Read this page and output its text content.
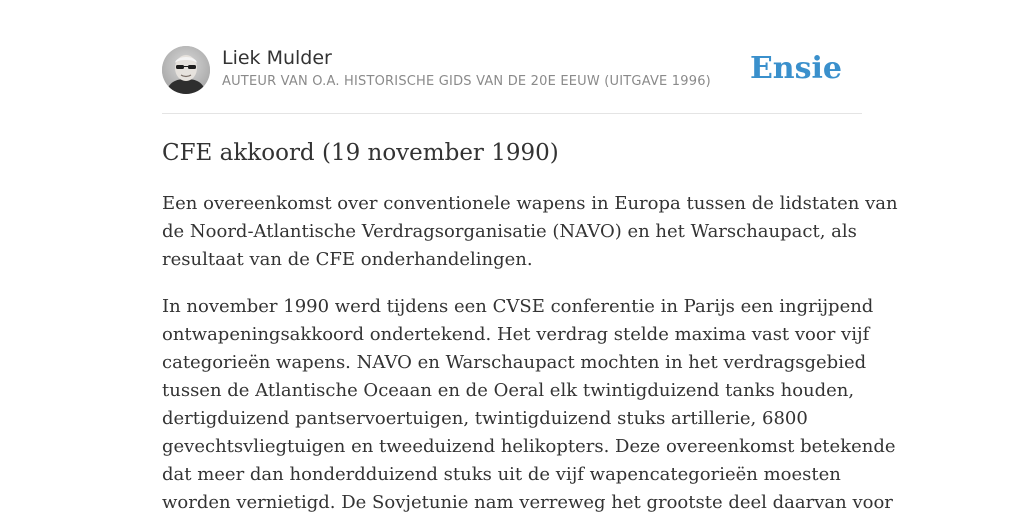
Liek Mulder
AUTEUR VAN O.A. HISTORISCHE GIDS VAN DE 20E EEUW (UITGAVE 1996) Ensie
CFE akkoord (19 november 1990)
Een overeenkomst over conventionele wapens in Europa tussen de lidstaten van
de Noord-Atlantische Verdragsorganisatie (NAVO) en het Warschaupact, als
resultaat van de CFE onderhandelingen.
In november 1990 werd tijdens een CVSE conferentie in Parijs een ingrijpend
ontwapeningsakkoord ondertekend. Het verdrag stelde maxima vast voor vijf
categorieën wapens. NAVO en Warschaupact mochten in het verdragsgebied
tussen de Atlantische Oceaan en de Oeral elk twintigduizend tanks houden,
dertigduizend pantservoertuigen, twintigduizend stuks artillerie, 6800
gevechtsvliegtuigen en tweeduizend helikopters. Deze overeenkomst betekende
dat meer dan honderdduizend stuks uit de vijf wapencategorieën moesten
worden vernietigd. De Sovjetunie nam verreweg het grootste deel daarvan voor
